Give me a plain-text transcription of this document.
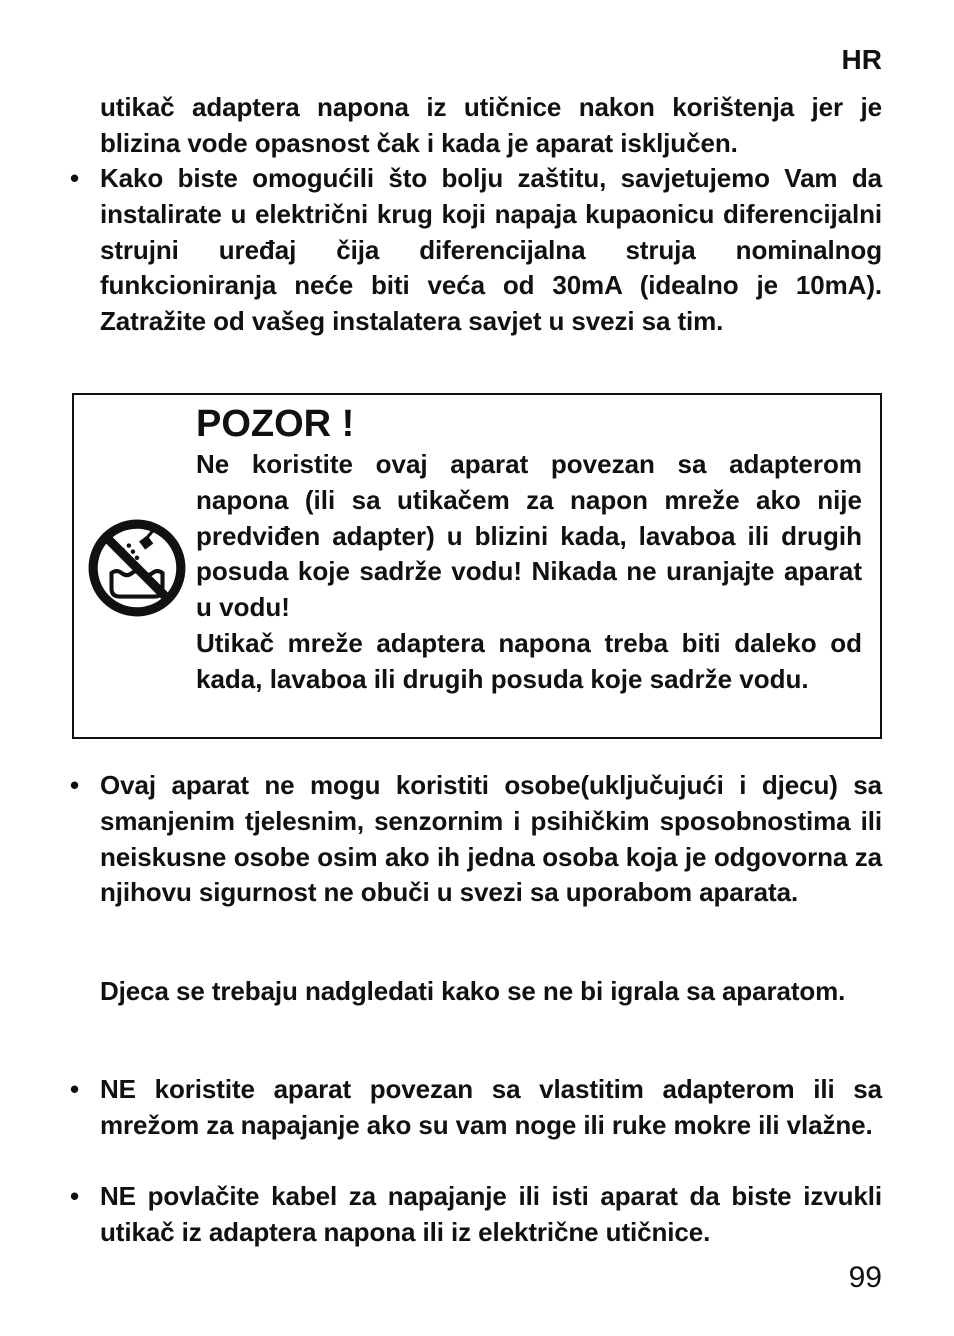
HR
utikač adaptera napona iz utičnice nakon korištenja jer je blizina vode opasnost čak i kada je aparat isključen.
• Kako biste omogućili što bolju zaštitu, savjetujemo Vam da instalirate u električni krug koji napaja kupaonicu diferencijalni strujni uređaj čija diferencijalna struja nominalnog funkcioniranja neće biti veća od 30mA (idealno je 10mA). Zatražite od vašeg instalatera savjet u svezi sa tim.
POZOR !
Ne koristite ovaj aparat povezan sa adapterom napona (ili sa utikačem za napon mreže ako nije predviđen adapter) u blizini kada, lavaboa ili drugih posuda koje sadrže vodu! Nikada ne uranjajte aparat u vodu!
Utikač mreže adaptera napona treba biti daleko od kada, lavaboa ili drugih posuda koje sadrže vodu.
• Ovaj aparat ne mogu koristiti osobe(uključujući i djecu) sa smanjenim tjelesnim, senzornim i psihičkim sposobnostima ili neiskusne osobe osim ako ih jedna osoba koja je odgovorna za njihovu sigurnost ne obuči u svezi sa uporabom aparata.
Djeca se trebaju nadgledati kako se ne bi igrala sa aparatom.
• NE koristite aparat povezan sa vlastitim adapterom ili sa mrežom za napajanje ako su vam noge ili ruke mokre ili vlažne.
• NE povlačite kabel za napajanje ili isti aparat da biste izvukli utikač iz adaptera napona ili iz električne utičnice.
99
